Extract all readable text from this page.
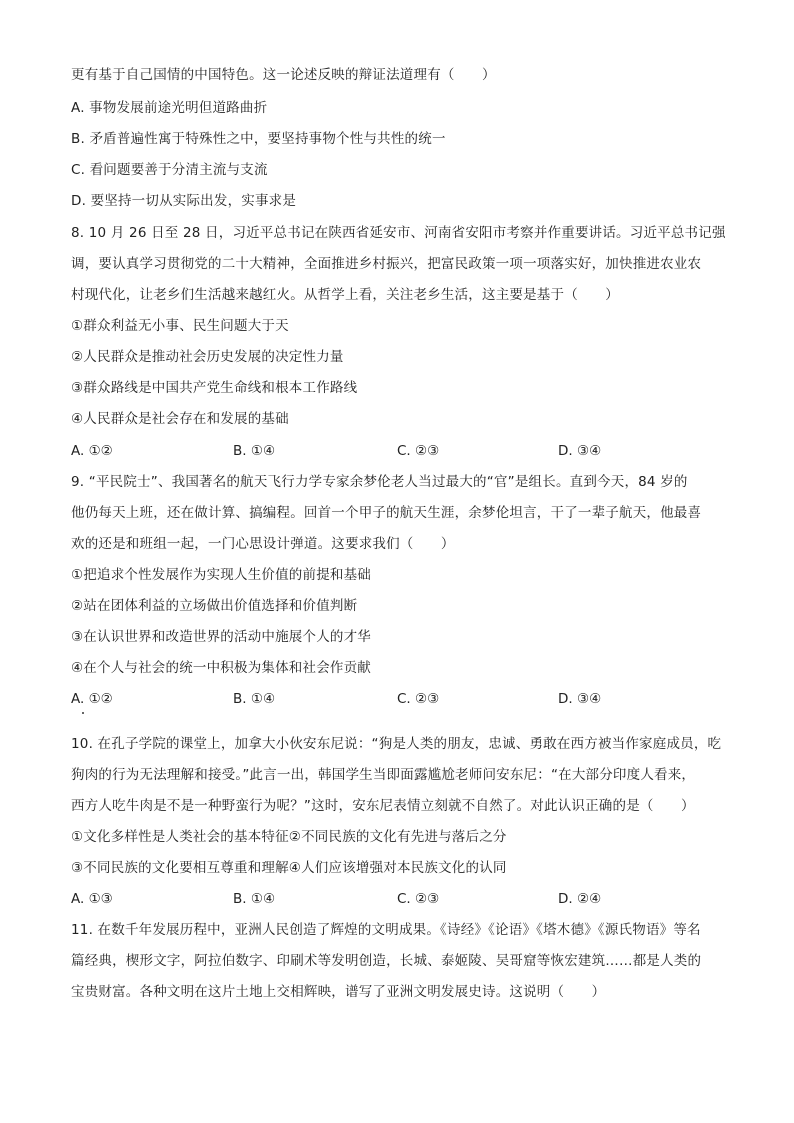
更有基于自己国情的中国特色。这一论述反映的辩证法道理有（　　）
A. 事物发展前途光明但道路曲折
B. 矛盾普遍性寓于特殊性之中，要坚持事物个性与共性的统一
C. 看问题要善于分清主流与支流
D. 要坚持一切从实际出发，实事求是
8. 10 月 26 日至 28 日，习近平总书记在陕西省延安市、河南省安阳市考察并作重要讲话。习近平总书记强
调，要认真学习贯彻党的二十大精神，全面推进乡村振兴，把富民政策一项一项落实好，加快推进农业农
村现代化，让老乡们生活越来越红火。从哲学上看，关注老乡生活，这主要是基于（　　）
①群众利益无小事、民生问题大于天
②人民群众是推动社会历史发展的决定性力量
③群众路线是中国共产党生命线和根本工作路线
④人民群众是社会存在和发展的基础
A. ①②	B. ①④	C. ②③	D. ③④
9. “平民院士”、我国著名的航天飞行力学专家余梦伦老人当过最大的“官”是组长。直到今天，84 岁的
他仍每天上班，还在做计算、搞编程。回首一个甲子的航天生涯，余梦伦坦言，干了一辈子航天，他最喜
欢的还是和班组一起，一门心思设计弹道。这要求我们（　　）
①把追求个性发展作为实现人生价值的前提和基础
②站在团体利益的立场做出价值选择和价值判断
③在认识世界和改造世界的活动中施展个人的才华
④在个人与社会的统一中积极为集体和社会作贡献
A. ①②	B. ①④	C. ②③	D. ③④
10. 在孔子学院的课堂上，加拿大小伙安东尼说：“狗是人类的朋友，忠诚、勇敢在西方被当作家庭成员，吃
狗肉的行为无法理解和接受。”此言一出，韩国学生当即面露尴尬老师问安东尼：“在大部分印度人看来，
西方人吃牛肉是不是一种野蛮行为呢？”这时，安东尼表情立刻就不自然了。对此认识正确的是（　　）
①文化多样性是人类社会的基本特征②不同民族的文化有先进与落后之分
③不同民族的文化要相互尊重和理解④人们应该增强对本民族文化的认同
A. ①③	B. ①④	C. ②③	D. ②④
11. 在数千年发展历程中，亚洲人民创造了辉煌的文明成果。《诗经》《论语》《塔木德》《源氏物语》等名
篇经典，楔形文字，阿拉伯数字、印刷术等发明创造，长城、泰姬陵、吴哥窟等恢宏建筑……都是人类的
宝贵财富。各种文明在这片土地上交相辉映，谱写了亚洲文明发展史诗。这说明（　　）
